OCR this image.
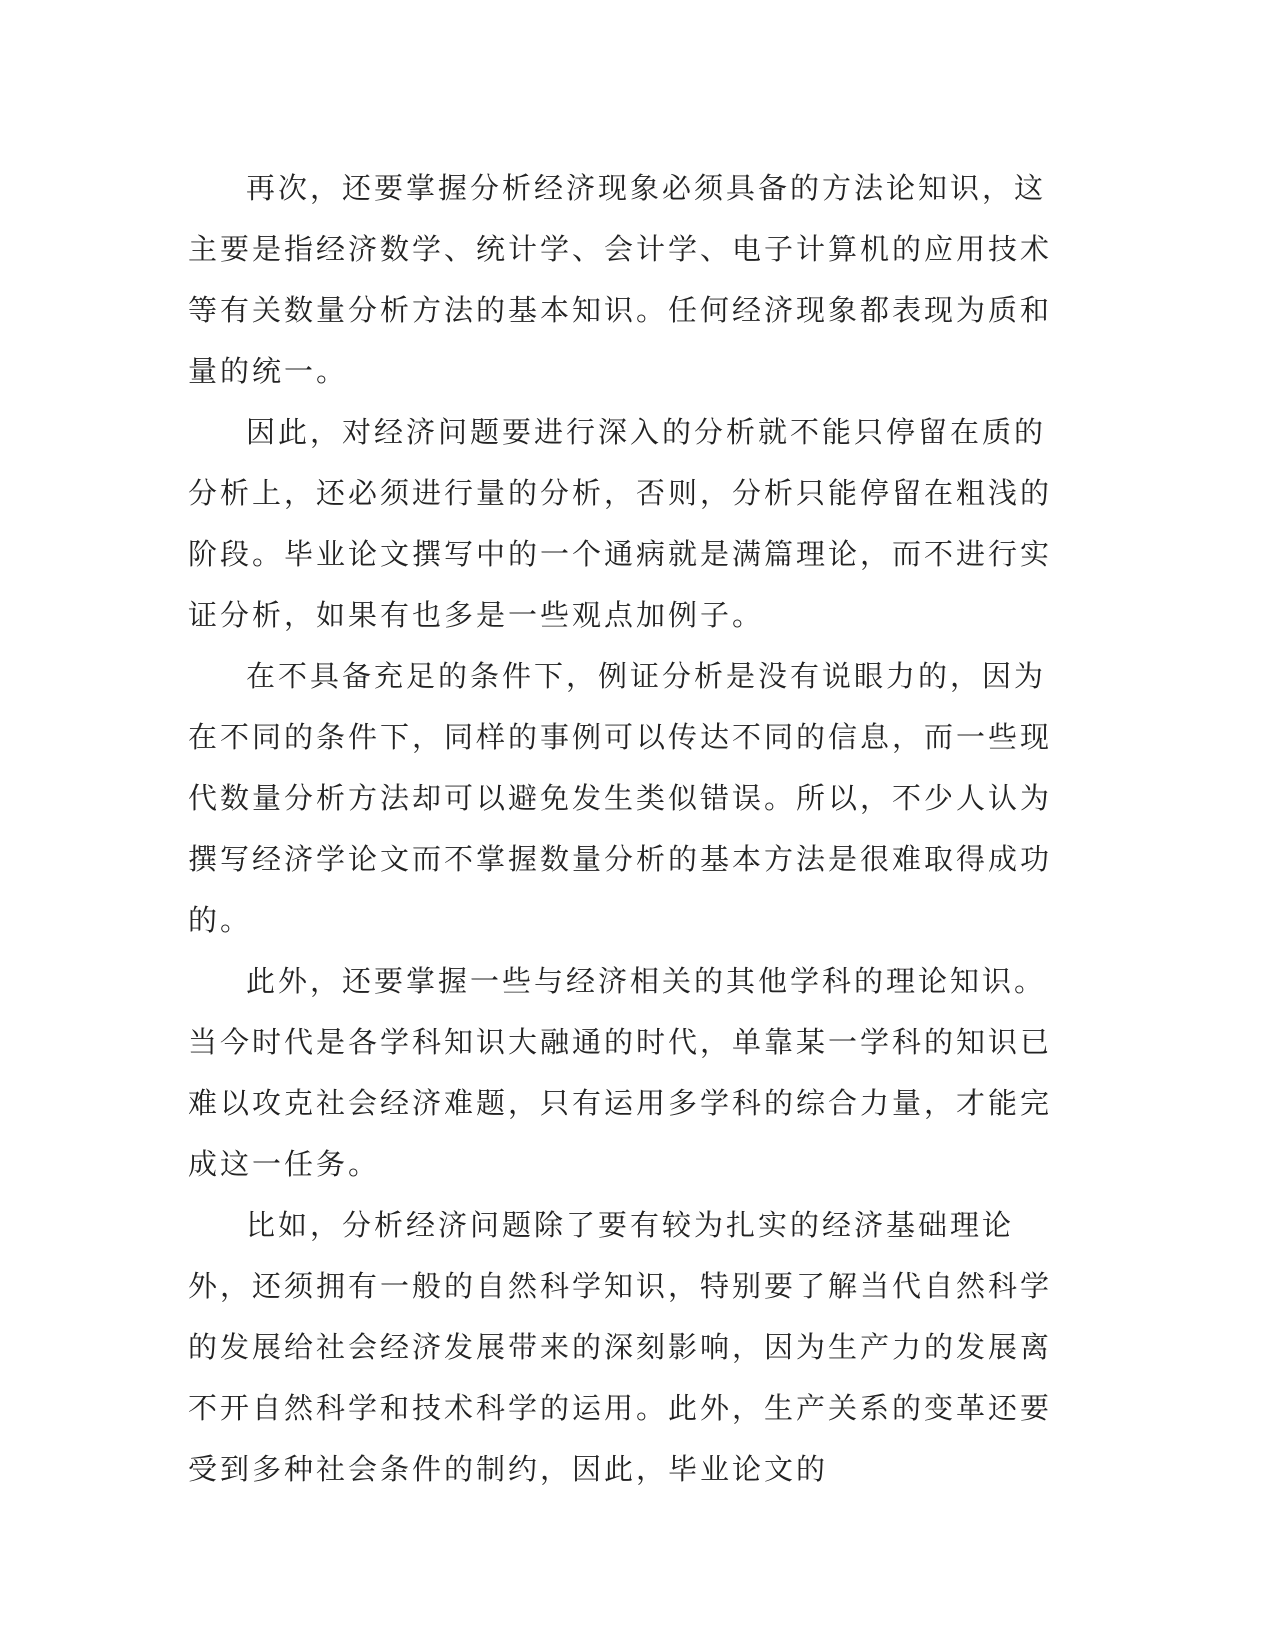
再次，还要掌握分析经济现象必须具备的方法论知识，这主要是指经济数学、统计学、会计学、电子计算机的应用技术等有关数量分析方法的基本知识。任何经济现象都表现为质和量的统一。

因此，对经济问题要进行深入的分析就不能只停留在质的分析上，还必须进行量的分析，否则，分析只能停留在粗浅的阶段。毕业论文撰写中的一个通病就是满篇理论，而不进行实证分析，如果有也多是一些观点加例子。

在不具备充足的条件下，例证分析是没有说眼力的，因为在不同的条件下，同样的事例可以传达不同的信息，而一些现代数量分析方法却可以避免发生类似错误。所以，不少人认为撰写经济学论文而不掌握数量分析的基本方法是很难取得成功的。

此外，还要掌握一些与经济相关的其他学科的理论知识。当今时代是各学科知识大融通的时代，单靠某一学科的知识已难以攻克社会经济难题，只有运用多学科的综合力量，才能完成这一任务。

比如，分析经济问题除了要有较为扎实的经济基础理论外，还须拥有一般的自然科学知识，特别要了解当代自然科学的发展给社会经济发展带来的深刻影响，因为生产力的发展离不开自然科学和技术科学的运用。此外，生产关系的变革还要受到多种社会条件的制约，因此，毕业论文的
